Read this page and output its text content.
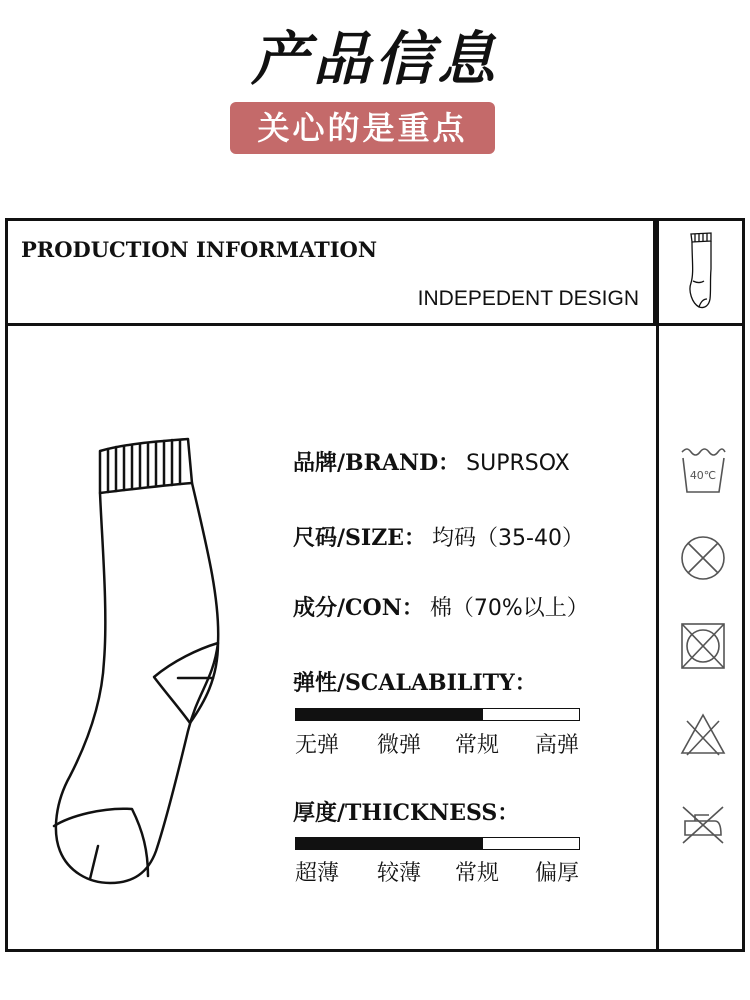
产品信息
关心的是重点
PRODUCTION INFORMATION
INDEPEDENT DESIGN
40℃
品牌/BRAND： SUPRSOX
尺码/SIZE： 均码（35-40）
成分/CON： 棉（70%以上）
弹性/SCALABILITY：
无弹 微弹 常规 高弹
厚度/THICKNESS：
超薄 较薄 常规 偏厚
